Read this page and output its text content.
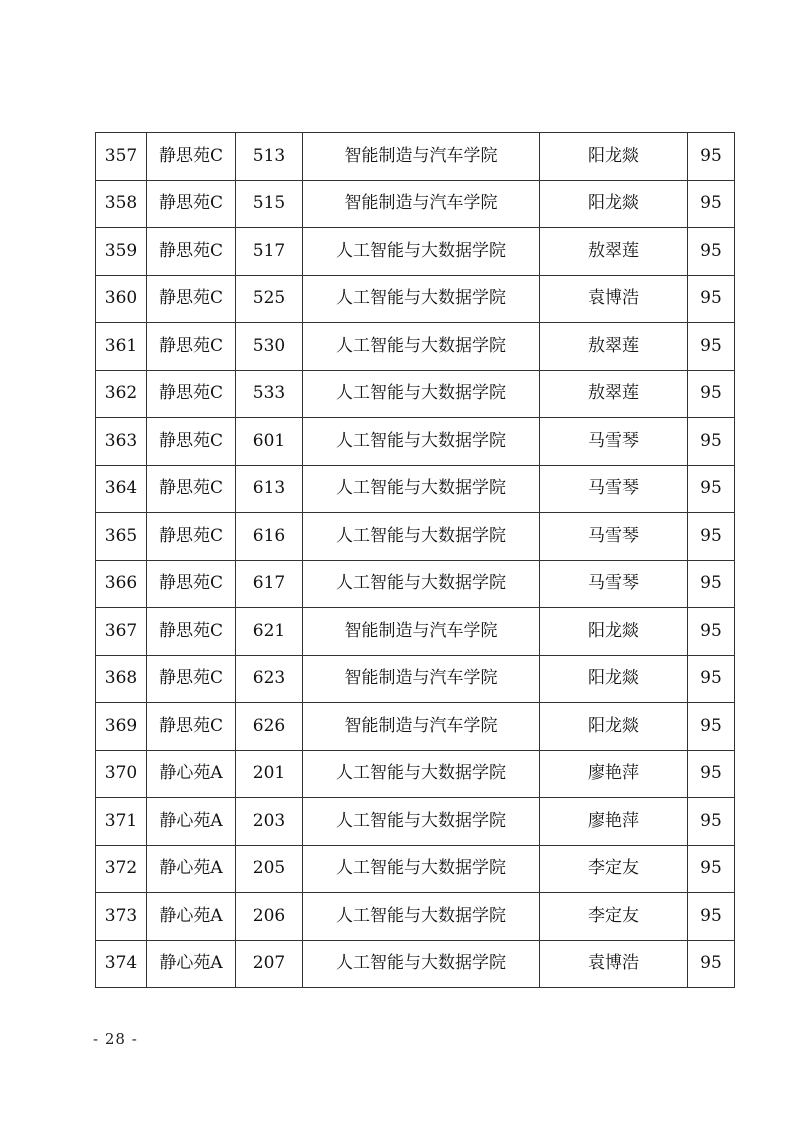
357	静思苑C	513	智能制造与汽车学院	阳龙燚	95
358	静思苑C	515	智能制造与汽车学院	阳龙燚	95
359	静思苑C	517	人工智能与大数据学院	敖翠莲	95
360	静思苑C	525	人工智能与大数据学院	袁博浩	95
361	静思苑C	530	人工智能与大数据学院	敖翠莲	95
362	静思苑C	533	人工智能与大数据学院	敖翠莲	95
363	静思苑C	601	人工智能与大数据学院	马雪琴	95
364	静思苑C	613	人工智能与大数据学院	马雪琴	95
365	静思苑C	616	人工智能与大数据学院	马雪琴	95
366	静思苑C	617	人工智能与大数据学院	马雪琴	95
367	静思苑C	621	智能制造与汽车学院	阳龙燚	95
368	静思苑C	623	智能制造与汽车学院	阳龙燚	95
369	静思苑C	626	智能制造与汽车学院	阳龙燚	95
370	静心苑A	201	人工智能与大数据学院	廖艳萍	95
371	静心苑A	203	人工智能与大数据学院	廖艳萍	95
372	静心苑A	205	人工智能与大数据学院	李定友	95
373	静心苑A	206	人工智能与大数据学院	李定友	95
374	静心苑A	207	人工智能与大数据学院	袁博浩	95
- 28 -
